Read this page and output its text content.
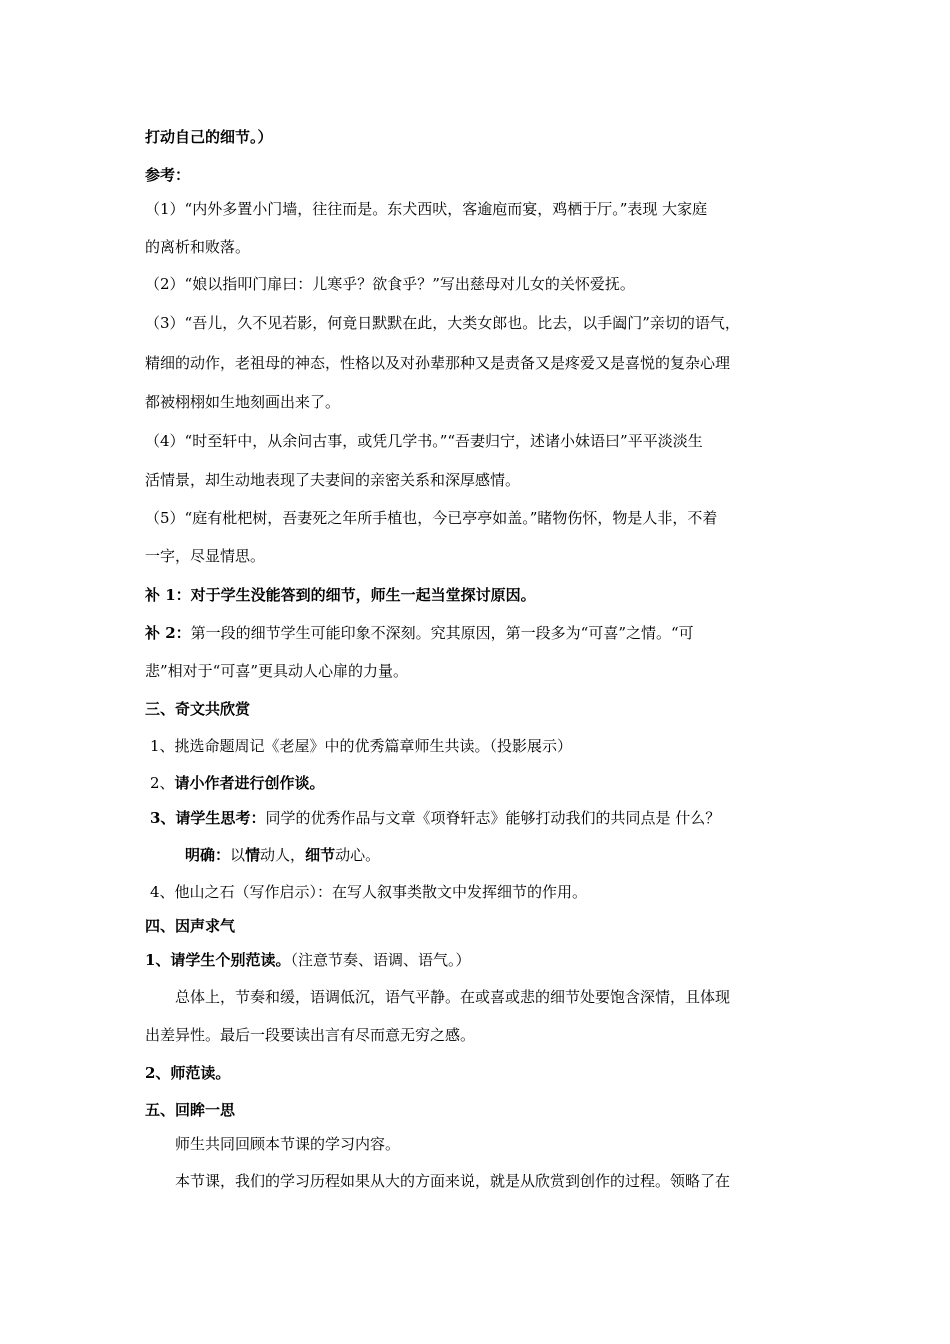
打动自己的细节。）
参考：
（1）“内外多置小门墙，往往而是。东犬西吠，客逾庖而宴，鸡栖于厅。”表现 大家庭
的离析和败落。
（2）“娘以指叩门扉曰：儿寒乎？欲食乎？”写出慈母对儿女的关怀爱抚。
（3）“吾儿，久不见若影，何竟日默默在此，大类女郎也。比去，以手阖门”亲切的语气，
精细的动作，老祖母的神态，性格以及对孙辈那种又是责备又是疼爱又是喜悦的复杂心理
都被栩栩如生地刻画出来了。
（4）“时至轩中，从余问古事，或凭几学书。”“吾妻归宁，述诸小妹语曰”平平淡淡生
活情景，却生动地表现了夫妻间的亲密关系和深厚感情。
（5）“庭有枇杷树，吾妻死之年所手植也，今已亭亭如盖。”睹物伤怀，物是人非，不着
一字，尽显情思。
补 1：对于学生没能答到的细节，师生一起当堂探讨原因。
补 2：第一段的细节学生可能印象不深刻。究其原因，第一段多为“可喜”之情。“可
悲”相对于“可喜”更具动人心扉的力量。
三、奇文共欣赏
1、挑选命题周记《老屋》中的优秀篇章师生共读。（投影展示）
2、请小作者进行创作谈。
3、请学生思考：同学的优秀作品与文章《项脊轩志》能够打动我们的共同点是 什么？
明确：以情动人，细节动心。
4、他山之石（写作启示）：在写人叙事类散文中发挥细节的作用。
四、因声求气
1、请学生个别范读。（注意节奏、语调、语气。）
总体上，节奏和缓，语调低沉，语气平静。在或喜或悲的细节处要饱含深情，且体现
出差异性。最后一段要读出言有尽而意无穷之感。
2、师范读。
五、回眸一思
师生共同回顾本节课的学习内容。
本节课，我们的学习历程如果从大的方面来说，就是从欣赏到创作的过程。领略了在
